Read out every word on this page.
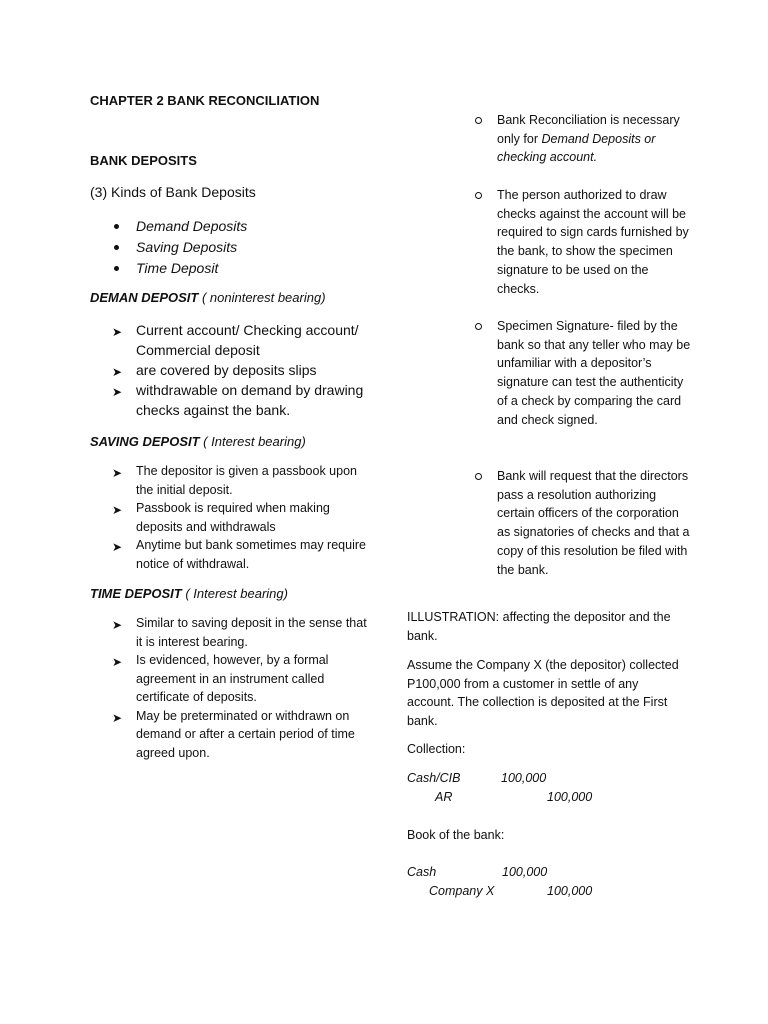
CHAPTER 2 BANK RECONCILIATION
BANK DEPOSITS
(3) Kinds of Bank Deposits
Demand Deposits
Saving Deposits
Time Deposit
DEMAN DEPOSIT ( noninterest bearing)
➤ Current account/ Checking account/ Commercial deposit
➤ are covered by deposits slips
➤ withdrawable on demand by drawing checks against the bank.
SAVING DEPOSIT ( Interest bearing)
➤ The depositor is given a passbook upon the initial deposit.
➤ Passbook is required when making deposits and withdrawals
➤ Anytime but bank sometimes may require notice of withdrawal.
TIME DEPOSIT ( Interest bearing)
➤ Similar to saving deposit in the sense that it is interest bearing.
➤ Is evidenced, however, by a formal agreement in an instrument called certificate of deposits.
➤ May be preterminated or withdrawn on demand or after a certain period of time agreed upon.
Bank Reconciliation is necessary only for Demand Deposits or checking account.
The person authorized to draw checks against the account will be required to sign cards furnished by the bank, to show the specimen signature to be used on the checks.
Specimen Signature- filed by the bank so that any teller who may be unfamiliar with a depositor’s signature can test the authenticity of a check by comparing the card and check signed.
Bank will request that the directors pass a resolution authorizing certain officers of the corporation as signatories of checks and that a copy of this resolution be filed with the bank.
ILLUSTRATION: affecting the depositor and the bank.
Assume the Company X (the depositor) collected P100,000 from a customer in settle of any account. The collection is deposited at the First bank.
Collection:
Cash/CIB	100,000
AR	100,000
Book of the bank:
Cash	100,000
Company X	100,000
